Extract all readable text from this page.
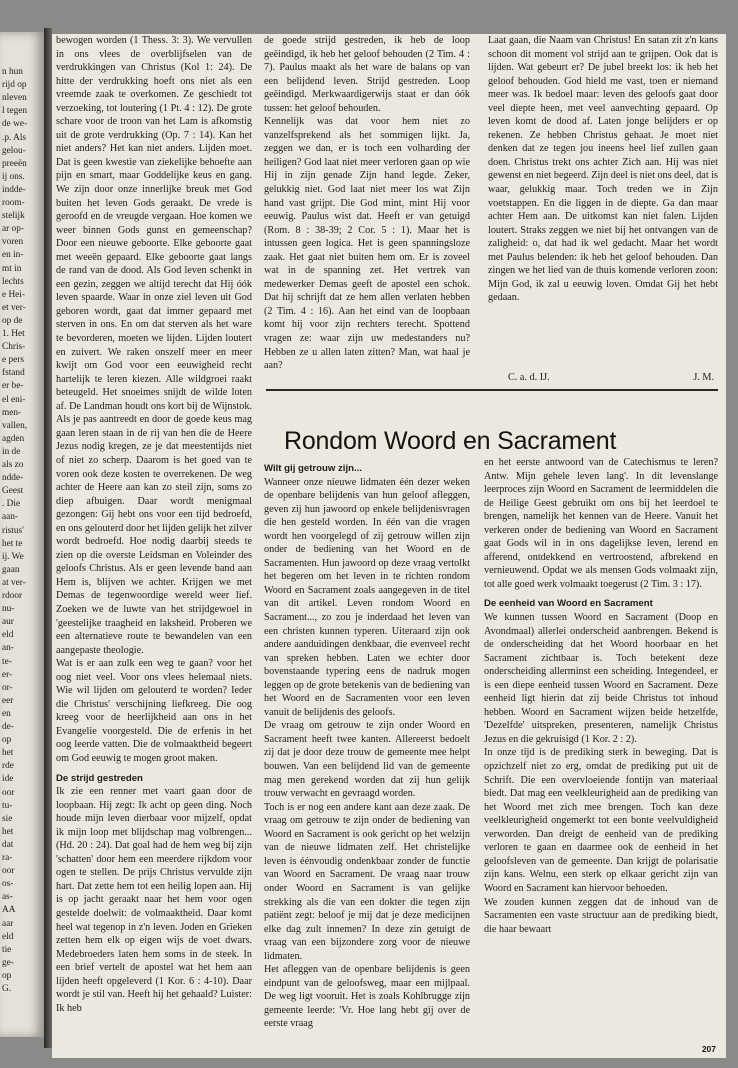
n hun
rijd op
nleven
l tegen
de we-
.p. Als
gelou-
preeën
ij ons.
indde-
room-
stelijk
ar op-
voren
en in-
mt in
lechts
e Hei-
et ver-
op de
1. Het
Chris-
e pers
fstand
er be-
el eni-
men-
vallen,
agden
in de
als zo
ndde-
Geest
. Die
aan-
ristus'
het te
ij. We
gaan
at ver-
rdoor
nu-
aur
eld
an-
te-
er-
or-
eer
en
de-
op
het
rde
ide
oor
tu-
sie
het
dat
ra-
oor
os-
as-
AA
aar
eld
tie
ge-
op
G.

bewogen worden (1 Thess. 3: 3). We vervullen in ons vlees de overblijfselen van de verdrukkingen van Christus (Kol 1: 24). De hitte der verdrukking hoeft ons niet als een vreemde zaak te overkomen. Ze geschiedt tot verzoeking, tot loutering (1 Pt. 4 : 12). De grote schare voor de troon van het Lam is afkomstig uit de grote verdrukking (Op. 7 : 14). Kan het niet anders? Het kan niet anders. Lijden moet. Dat is geen kwestie van ziekelijke behoefte aan pijn en smart, maar Goddelijke keus en gang. We zijn door onze innerlijke breuk met God buiten het leven Gods geraakt. De vrede is geroofd en de vreugde vergaan. Hoe komen we weer binnen Gods gunst en gemeenschap? Door een nieuwe geboorte. Elke geboorte gaat met weeën gepaard. Elke geboorte gaat langs de rand van de dood. Als God leven schenkt in een gezin, zeggen we altijd terecht dat Hij óók leven spaarde. Waar in onze ziel leven uit God geboren wordt, gaat dat immer gepaard met sterven in ons. En om dat sterven als het ware te bevorderen, moeten we lijden. Lijden loutert en zuivert. We raken onszelf meer en meer kwijt om God voor een eeuwigheid recht hartelijk te leren kiezen. Alle wildgroei raakt beteugeld. Het snoeimes snijdt de wilde loten af. De Landman houdt ons kort bij de Wijnstok. Als je pas aantreedt en door de goede keus mag gaan leren staan in de rij van hen die de Heere Jezus nodig kregen, ze je dat meestentijds niet of niet zo scherp. Daarom is het goed van te voren ook deze kosten te overrekenen. De weg achter de Heere aan kan zo steil zijn, soms zo diep afbuigen. Daar wordt menigmaal gezongen: Gij hebt ons voor een tijd bedroefd, en ons gelouterd door het lijden gelijk het zilver wordt bedroefd. Hoe nodig daarbij steeds te zien op die overste Leidsman en Voleinder des geloofs Christus. Als er geen levende band aan Hem is, blijven we achter. Krijgen we met Demas de tegenwoordige wereld weer lief. Zoeken we de luwte van het strijdgewoel in 'geestelijke traagheid en laksheid. Proberen we een alternatieve route te bewandelen van een aangepaste theologie.

Wat is er aan zulk een weg te gaan? voor het oog niet veel. Voor ons vlees helemaal niets. Wie wil lijden om gelouterd te worden? Ieder die Christus' verschijning liefkreeg. Die oog kreeg voor de heerlijkheid aan ons in het Evangelie voorgesteld. Die de erfenis in het oog leerde vatten. Die de volmaaktheid begeert om God eeuwig te mogen groot maken.

De strijd gestreden

Ik zie een renner met vaart gaan door de loopbaan. Hij zegt: Ik acht op geen ding. Noch houde mijn leven dierbaar voor mijzelf, opdat ik mijn loop met blijdschap mag volbrengen... (Hd. 20 : 24). Dat goal had de hem weg bij zijn 'schatten' door hem een meerdere rijkdom voor ogen te stellen. De prijs Christus vervulde zijn hart. Dat zette hem tot een heilig lopen aan. Hij is op jacht geraakt naar het hem voor ogen gestelde doelwit: de volmaaktheid. Daar komt heel wat tegenop in z'n leven. Joden en Grieken zetten hem elk op eigen wijs de voet dwars. Medebroeders laten hem soms in de steek. In een brief vertelt de apostel wat het hem aan lijden heeft opgeleverd (1 Kor. 6 : 4-10). Daar wordt je stil van. Heeft hij het gehaald? Luister: Ik heb

de goede strijd gestreden, ik heb de loop geëindigd, ik heb het geloof behouden (2 Tim. 4 : 7). Paulus maakt als het ware de balans op van een belijdend leven. Strijd gestreden. Loop geëindigd. Merkwaardigerwijs staat er dan óók tussen: het geloof behouden.

Kennelijk was dat voor hem niet zo vanzelfsprekend als het sommigen lijkt. Ja, zeggen we dan, er is toch een volharding der heiligen? God laat niet meer verloren gaan op wie Hij in zijn genade Zijn hand legde. Zeker, gelukkig niet. God laat niet meer los wat Zijn hand vast grijpt. Die God mint, mint Hij voor eeuwig. Paulus wist dat. Heeft er van getuigd (Rom. 8 : 38-39; 2 Cor. 5 : 1). Maar het is intussen geen logica. Het is geen spanningsloze zaak. Het gaat niet buiten hem om. Er is zoveel wat in de spanning zet. Het vertrek van medewerker Demas geeft de apostel een schok. Dat hij schrijft dat ze hem allen verlaten hebben (2 Tim. 4 : 16). Aan het eind van de loopbaan komt hij voor zijn rechters terecht. Spottend vragen ze: waar zijn uw medestanders nu? Hebben ze u allen laten zitten? Man, wat haal je aan?

Laat gaan, die Naam van Christus! En satan zit z'n kans schoon dit moment vol strijd aan te grijpen. Ook dat is lijden. Wat gebeurt er? De jubel breekt los: ik heb het geloof behouden. God hield me vast, toen er niemand meer was. Ik bedoel maar: leven des geloofs gaat door veel diepte heen, met veel aanvechting gepaard. Op leven komt de dood af. Laten jonge belijders er op rekenen. Ze hebben Christus gehaat. Je moet niet denken dat ze tegen jou ineens heel lief zullen gaan doen. Christus trekt ons achter Zich aan. Hij was niet gewenst en niet begeerd. Zijn deel is niet ons deel, dat is waar, gelukkig maar. Toch treden we in Zijn voetstappen. En die liggen in de diepte. Ga dan maar achter Hem aan. De uitkomst kan niet falen. Lijden loutert. Straks zeggen we niet bij het ontvangen van de zaligheid: o, dat had ik wel gedacht. Maar het wordt met Paulus belenden: ik heb het geloof behouden. Dan zingen we het lied van de thuis komende verloren zoon: Mijn God, ik zal u eeuwig loven. Omdat Gij het hebt gedaan.

C. a. d. IJ.	J. M.
Rondom Woord en Sacrament

Wilt gij getrouw zijn...

Wanneer onze nieuwe lidmaten één dezer weken de openbare belijdenis van hun geloof afleggen, geven zij hun jawoord op enkele belijdenisvragen die hen gesteld worden. In één van die vragen wordt hen voorgelegd of zij getrouw willen zijn onder de bediening van het Woord en de Sacramenten. Hun jawoord op deze vraag vertolkt het begeren om het leven in te richten rondom Woord en Sacrament zoals aangegeven in de titel van dit artikel. Leven rondom Woord en Sacrament..., zo zou je inderdaad het leven van een christen kunnen typeren. Uiteraard zijn ook andere aanduidingen denkbaar, die evenveel recht van spreken hebben. Laten we echter door bovenstaande typering eens de nadruk mogen leggen op de grote betekenis van de bediening van het Woord en de Sacramenten voor een leven vanuit de belijdenis des geloofs.

De vraag om getrouw te zijn onder Woord en Sacrament heeft twee kanten. Allereerst bedoelt zij dat je door deze trouw de gemeente mee helpt bouwen. Van een belijdend lid van de gemeente mag men gerekend worden dat zij hun gelijk trouw verwacht en gevraagd worden.

Toch is er nog een andere kant aan deze zaak. De vraag om getrouw te zijn onder de bediening van Woord en Sacrament is ook gericht op het welzijn van de nieuwe lidmaten zelf. Het christelijke leven is éénvoudig ondenkbaar zonder de functie van Woord en Sacrament. De vraag naar trouw onder Woord en Sacrament is van gelijke strekking als die van een dokter die tegen zijn patiënt zegt: beloof je mij dat je deze medicijnen elke dag zult innemen? In deze zin getuigt de vraag van een bijzondere zorg voor de nieuwe lidmaten.

Het afleggen van de openbare belijdenis is geen eindpunt van de geloofsweg, maar een mijlpaal. De weg ligt vooruit. Het is zoals Kohlbrugge zijn gemeente leerde: 'Vr. Hoe lang hebt gij over de eerste vraag

en het eerste antwoord van de Catechismus te leren? Antw. Mijn gehele leven lang'. In dit levenslange leerproces zijn Woord en Sacrament de leermiddelen die de Heilige Geest gebruikt om ons bij het leerdoel te brengen, namelijk het kennen van de Heere. Vanuit het verkeren onder de bediening van Woord en Sacrament gaat Gods wil in in ons dagelijkse leven, lerend en afferend, ontdekkend en vertroostend, afbrekend en vernieuwend. Opdat we als mensen Gods volmaakt zijn, tot alle goed werk volmaakt toegerust (2 Tim. 3 : 17).

De eenheid van Woord en Sacrament

We kunnen tussen Woord en Sacrament (Doop en Avondmaal) allerlei onderscheid aanbrengen. Bekend is de onderscheiding dat het Woord hoorbaar en het Sacrament zichtbaar is. Toch betekent deze onderscheiding allerminst een scheiding. Integendeel, er is een diepe eenheid tussen Woord en Sacrament. Deze eenheid ligt hierin dat zij beide Christus tot inhoud hebben. Woord en Sacrament wijzen beide hetzelfde, 'Dezelfde' uitspreken, presenteren, namelijk Christus Jezus en die gekruisigd (1 Kor. 2 : 2).

In onze tijd is de prediking sterk in beweging. Dat is opzichzelf niet zo erg, omdat de prediking put uit de Schrift. Die een overvloeiende fontijn van materiaal biedt. Dat mag een veelkleurigheid aan de prediking van het Woord met zich mee brengen. Toch kan deze veelkleurigheid ongemerkt tot een bonte veelvuldigheid verworden. Dan dreigt de eenheid van de prediking verloren te gaan en daarmee ook de eenheid in het geloofsleven van de gemeente. Dan krijgt de polarisatie zijn kans. Welnu, een sterk op elkaar gericht zijn van Woord en Sacrament kan hiervoor behoeden.

We zouden kunnen zeggen dat de inhoud van de Sacramenten een vaste structuur aan de prediking biedt, die haar bewaart

207
